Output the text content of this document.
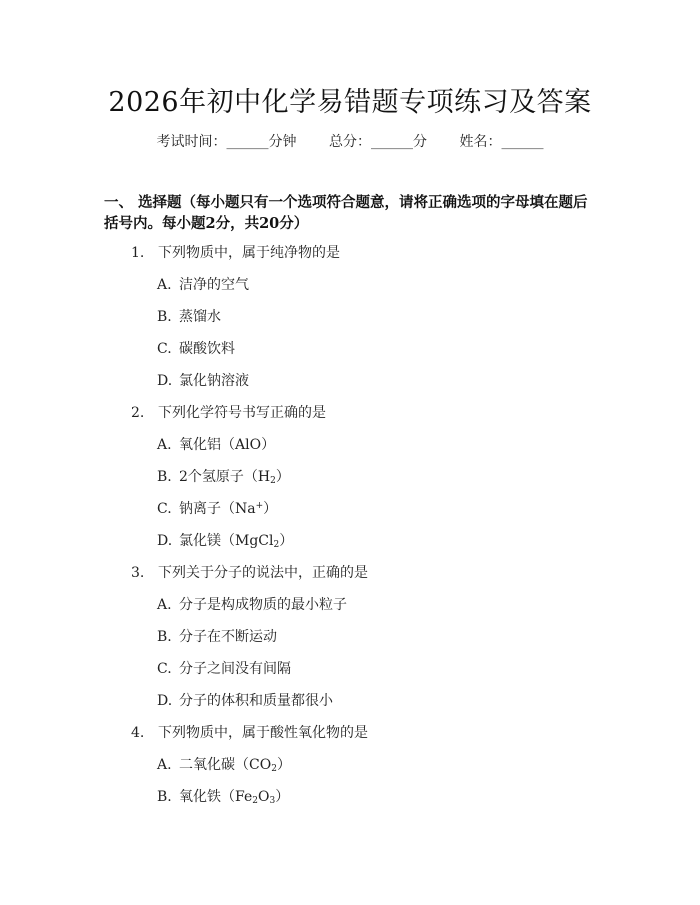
2026年初中化学易错题专项练习及答案
考试时间：______分钟 总分：______分 姓名：______
一、 选择题（每小题只有一个选项符合题意，请将正确选项的字母填在题后括号内。每小题2分，共20分）
1. 下列物质中，属于纯净物的是
A. 洁净的空气
B. 蒸馏水
C. 碳酸饮料
D. 氯化钠溶液
2. 下列化学符号书写正确的是
A. 氧化铝（AlO）
B. 2个氢原子$(H_2)$
C. 钠离子（Na+）
D. 氯化镁（MgCl$_2$）
3. 下列关于分子的说法中，正确的是
A. 分子是构成物质的最小粒子
B. 分子在不断运动
C. 分子之间没有间隔
D. 分子的体积和质量都很小
4. 下列物质中，属于酸性氧化物的是
A. 二氧化碳$(CO_2)$
B. 氧化铁$(Fe_2O_3)$
